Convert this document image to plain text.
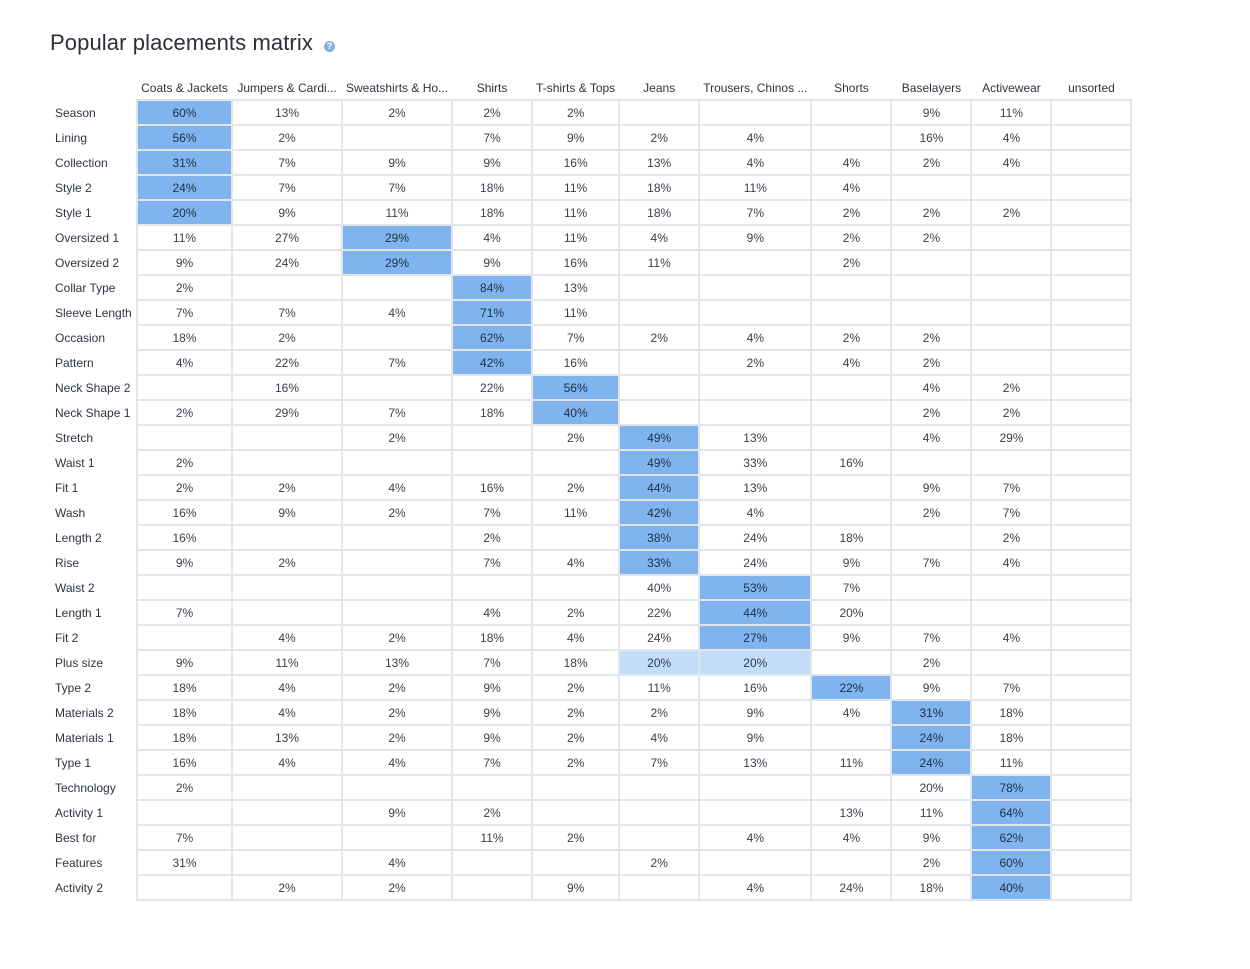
Popular placements matrix	?
	Coats & Jackets	Jumpers & Cardi...	Sweatshirts & Ho...	Shirts	T-shirts & Tops	Jeans	Trousers, Chinos ...	Shorts	Baselayers	Activewear	unsorted
Season	60%	13%	2%	2%	2%				9%	11%	
Lining	56%	2%		7%	9%	2%	4%		16%	4%	
Collection	31%	7%	9%	9%	16%	13%	4%	4%	2%	4%	
Style 2	24%	7%	7%	18%	11%	18%	11%	4%			
Style 1	20%	9%	11%	18%	11%	18%	7%	2%	2%	2%	
Oversized 1	11%	27%	29%	4%	11%	4%	9%	2%	2%		
Oversized 2	9%	24%	29%	9%	16%	11%		2%			
Collar Type	2%			84%	13%						
Sleeve Length	7%	7%	4%	71%	11%						
Occasion	18%	2%		62%	7%	2%	4%	2%	2%		
Pattern	4%	22%	7%	42%	16%		2%	4%	2%		
Neck Shape 2		16%		22%	56%				4%	2%	
Neck Shape 1	2%	29%	7%	18%	40%				2%	2%	
Stretch			2%		2%	49%	13%		4%	29%	
Waist 1	2%					49%	33%	16%			
Fit 1	2%	2%	4%	16%	2%	44%	13%		9%	7%	
Wash	16%	9%	2%	7%	11%	42%	4%		2%	7%	
Length 2	16%			2%		38%	24%	18%		2%	
Rise	9%	2%		7%	4%	33%	24%	9%	7%	4%	
Waist 2						40%	53%	7%			
Length 1	7%			4%	2%	22%	44%	20%			
Fit 2		4%	2%	18%	4%	24%	27%	9%	7%	4%	
Plus size	9%	11%	13%	7%	18%	20%	20%		2%		
Type 2	18%	4%	2%	9%	2%	11%	16%	22%	9%	7%	
Materials 2	18%	4%	2%	9%	2%	2%	9%	4%	31%	18%	
Materials 1	18%	13%	2%	9%	2%	4%	9%		24%	18%	
Type 1	16%	4%	4%	7%	2%	7%	13%	11%	24%	11%	
Technology	2%								20%	78%	
Activity 1			9%	2%				13%	11%	64%	
Best for	7%			11%	2%		4%	4%	9%	62%	
Features	31%		4%			2%			2%	60%	
Activity 2		2%	2%		9%		4%	24%	18%	40%	
